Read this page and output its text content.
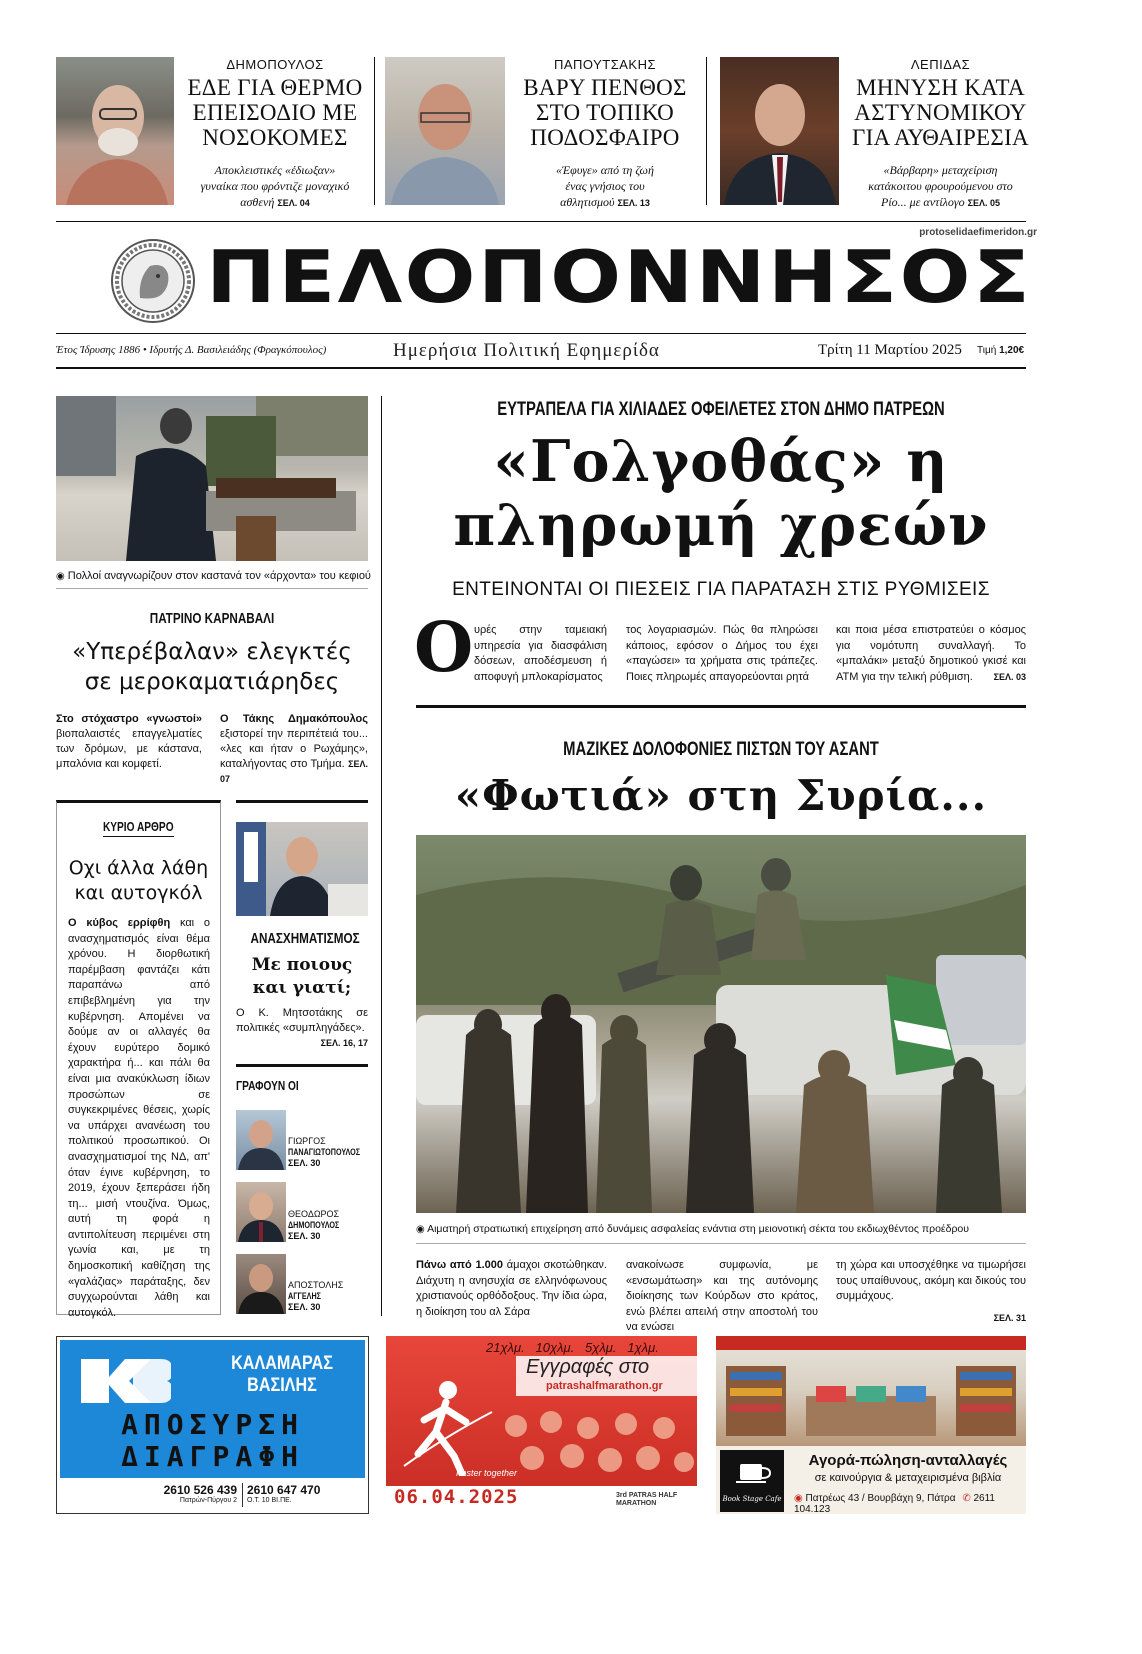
ΔΗΜΟΠΟΥΛΟΣ
ΕΔΕ ΓΙΑ ΘΕΡΜΟ
ΕΠΕΙΣΟΔΙΟ ΜΕ
ΝΟΣΟΚΟΜΕΣ
Αποκλειστικές «έδιωξαν»
γυναίκα που φρόντιζε μοναχικό
ασθενή ΣΕΛ. 04
ΠΑΠΟΥΤΣΑΚΗΣ
ΒΑΡΥ ΠΕΝΘΟΣ
ΣΤΟ ΤΟΠΙΚΟ
ΠΟΔΟΣΦΑΙΡΟ
«Έφυγε» από τη ζωή
ένας γνήσιος του
αθλητισμού ΣΕΛ. 13
ΛΕΠΙΔΑΣ
ΜΗΝΥΣΗ ΚΑΤΑ
ΑΣΤΥΝΟΜΙΚΟΥ
ΓΙΑ ΑΥΘΑΙΡΕΣΙΑ
«Βάρβαρη» μεταχείριση
κατάκοιτου φρουρούμενου στο
Ρίο... με αντίλογο ΣΕΛ. 05
protoselidaefimeridon.gr
ΠΕΛΟΠΟΝΝΗΣΟΣ
Έτος Ίδρυσης 1886 • Ιδρυτής Δ. Βασιλειάδης (Φραγκόπουλος)	Ημερήσια Πολιτική Εφημερίδα	Τρίτη 11 Μαρτίου 2025 Τιμή 1,20€
◉ Πολλοί αναγνωρίζουν στον καστανά τον «άρχοντα» του κεφιού
ΠΑΤΡΙΝΟ ΚΑΡΝΑΒΑΛΙ
«Υπερέβαλαν» ελεγκτές
σε μεροκαματιάρηδες
Στο στόχαστρο «γνωστοί» βιοπαλαιστές επαγγελματίες των δρόμων, με κάστανα, μπαλόνια και κομφετί.
Ο Τάκης Δημακόπουλος εξιστορεί την περιπέτειά του... «λες και ήταν ο Ρωχάμης», καταλήγοντας στο Τμήμα. ΣΕΛ. 07
ΚΥΡΙΟ ΑΡΘΡΟ
Οχι άλλα λάθη
και αυτογκόλ
Ο κύβος ερρίφθη και ο ανασχηματισμός είναι θέμα χρόνου. Η διορθωτική παρέμβαση φαντάζει κάτι παραπάνω από επιβεβλημένη για την κυβέρνηση. Απομένει να δούμε αν οι αλλαγές θα έχουν ευρύτερο δομικό χαρακτήρα ή... και πάλι θα είναι μια ανακύκλωση ίδιων προσώπων σε συγκεκριμένες θέσεις, χωρίς να υπάρχει ανανέωση του πολιτικού προσωπικού. Οι ανασχηματισμοί της ΝΔ, απ' όταν έγινε κυβέρνηση, το 2019, έχουν ξεπεράσει ήδη τη... μισή ντουζίνα. Όμως, αυτή τη φορά η αντιπολίτευση περιμένει στη γωνία και, με τη δημοσκοπική καθίζηση της «γαλάζιας» παράταξης, δεν συγχωρούνται λάθη και αυτογκόλ.
ΑΝΑΣΧΗΜΑΤΙΣΜΟΣ
Με ποιους
και γιατί;
Ο Κ. Μητσοτάκης σε πολιτικές «συμπληγάδες».
ΣΕΛ. 16, 17
ΓΡΑΦΟΥΝ ΟΙ
ΓΙΩΡΓΟΣ
ΠΑΝΑΓΙΩΤΟΠΟΥΛΟΣ
ΣΕΛ. 30
ΘΕΟΔΩΡΟΣ
ΔΗΜΟΠΟΥΛΟΣ
ΣΕΛ. 30
ΑΠΟΣΤΟΛΗΣ
ΑΓΓΕΛΗΣ
ΣΕΛ. 30
ΕΥΤΡΑΠΕΛΑ ΓΙΑ ΧΙΛΙΑΔΕΣ ΟΦΕΙΛΕΤΕΣ ΣΤΟΝ ΔΗΜΟ ΠΑΤΡΕΩΝ
«Γολγοθάς» η
πληρωμή χρεών
ΕΝΤΕΙΝΟΝΤΑΙ ΟΙ ΠΙΕΣΕΙΣ ΓΙΑ ΠΑΡΑΤΑΣΗ ΣΤΙΣ ΡΥΘΜΙΣΕΙΣ
Ο υρές στην ταμειακή υπηρεσία για διασφάλιση δόσεων, αποδέσμευση ή αποφυγή μπλοκαρίσματος
τος λογαριασμών. Πώς θα πληρώσει κάποιος, εφόσον ο Δήμος του έχει «παγώσει» τα χρήματα στις τράπεζες. Ποιες πληρωμές απαγορεύονται ρητά
και ποια μέσα επιστρατεύει ο κόσμος για νομότυπη συναλλαγή. Το «μπαλάκι» μεταξύ δημοτικού γκισέ και ΑΤΜ για την τελική ρύθμιση. ΣΕΛ. 03
ΜΑΖΙΚΕΣ ΔΟΛΟΦΟΝΙΕΣ ΠΙΣΤΩΝ ΤΟΥ ΑΣΑΝΤ
«Φωτιά» στη Συρία...
◉ Αιματηρή στρατιωτική επιχείρηση από δυνάμεις ασφαλείας ενάντια στη μειονοτική σέκτα του εκδιωχθέντος προέδρου
Πάνω από 1.000 άμαχοι σκοτώθηκαν. Διάχυτη η ανησυχία σε ελληνόφωνους χριστιανούς ορθόδοξους. Την ίδια ώρα, η διοίκηση του αλ Σάρα
ανακοίνωσε συμφωνία, με «ενσωμάτωση» και της αυτόνομης διοίκησης των Κούρδων στο κράτος, ενώ βλέπει απειλή στην αποστολή του να ενώσει
τη χώρα και υποσχέθηκε να τιμωρήσει τους υπαίθυνους, ακόμη και δικούς του συμμάχους.
ΣΕΛ. 31
ΚΑΛΑΜΑΡΑΣ
ΒΑΣΙΛΗΣ
ΑΠΟΣΥΡΣΗ
ΔΙΑΓΡΑΦΗ
2610 526 439
Πατρών-Πύργου 2
2610 647 470
Ο.Τ. 10 ΒΙ.ΠΕ.
21χλμ.   10χλμ.   5χλμ.   1χλμ.
Εγγραφές στο
patrashalfmarathon.gr
Faster together
06.04.2025	3rd PATRAS HALF MARATHON
Book Stage Cafe
Αγορά-πώληση-ανταλλαγές
σε καινούργια & μεταχειρισμένα βιβλία
◉ Πατρέως 43 / Βουρβάχη 9, Πάτρα ✆ 2611 104.123
